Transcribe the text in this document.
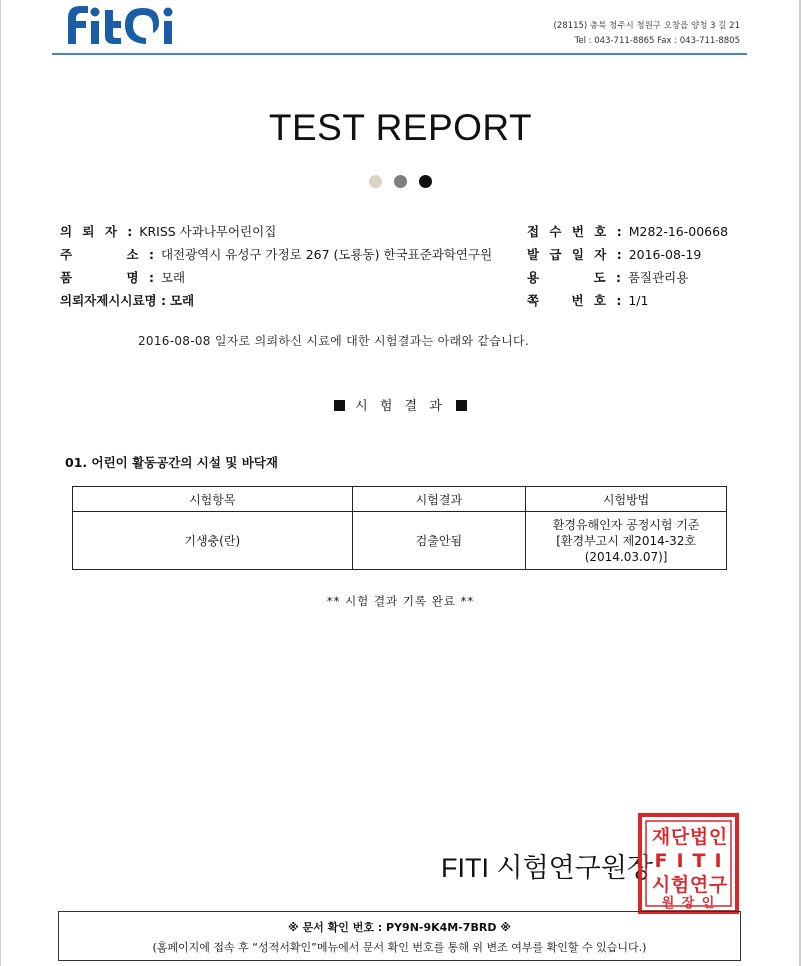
(28115) 충북 청주시 청원구 오창읍 양청 3 길 21
Tel : 043-711-8865 Fax : 043-711-8805
TEST REPORT
의 뢰 자 : KRISS 사과나무어린이집
주       소 : 대전광역시 유성구 가정로 267 (도룡동) 한국표준과학연구원
품       명 : 모래
의뢰자제시시료명 : 모래
접 수 번 호 : M282-16-00668
발 급 일 자 : 2016-08-19
용       도 : 품질관리용
쪽    번 호 : 1/1
2016-08-08 일자로 의뢰하신 시료에 대한 시험결과는 아래와 같습니다.
시 험 결 과
01. 어린이 활동공간의 시설 및 바닥재
시험항목	시험결과	시험방법
기생충(란)	검출안됨	환경유해인자 공정시험 기준
[환경부고시 제2014-32호
(2014.03.07)]
** 시험 결과 기록 완료 **
FITI 시험연구원장
재 단 법 인
F I T I
시 험 연 구
원 장 인
※ 문서 확인 번호 : PY9N-9K4M-7BRD ※
(홈페이지에 접속 후 “성적서확인”메뉴에서 문서 확인 번호를 통해 위 변조 여부를 확인할 수 있습니다.)
